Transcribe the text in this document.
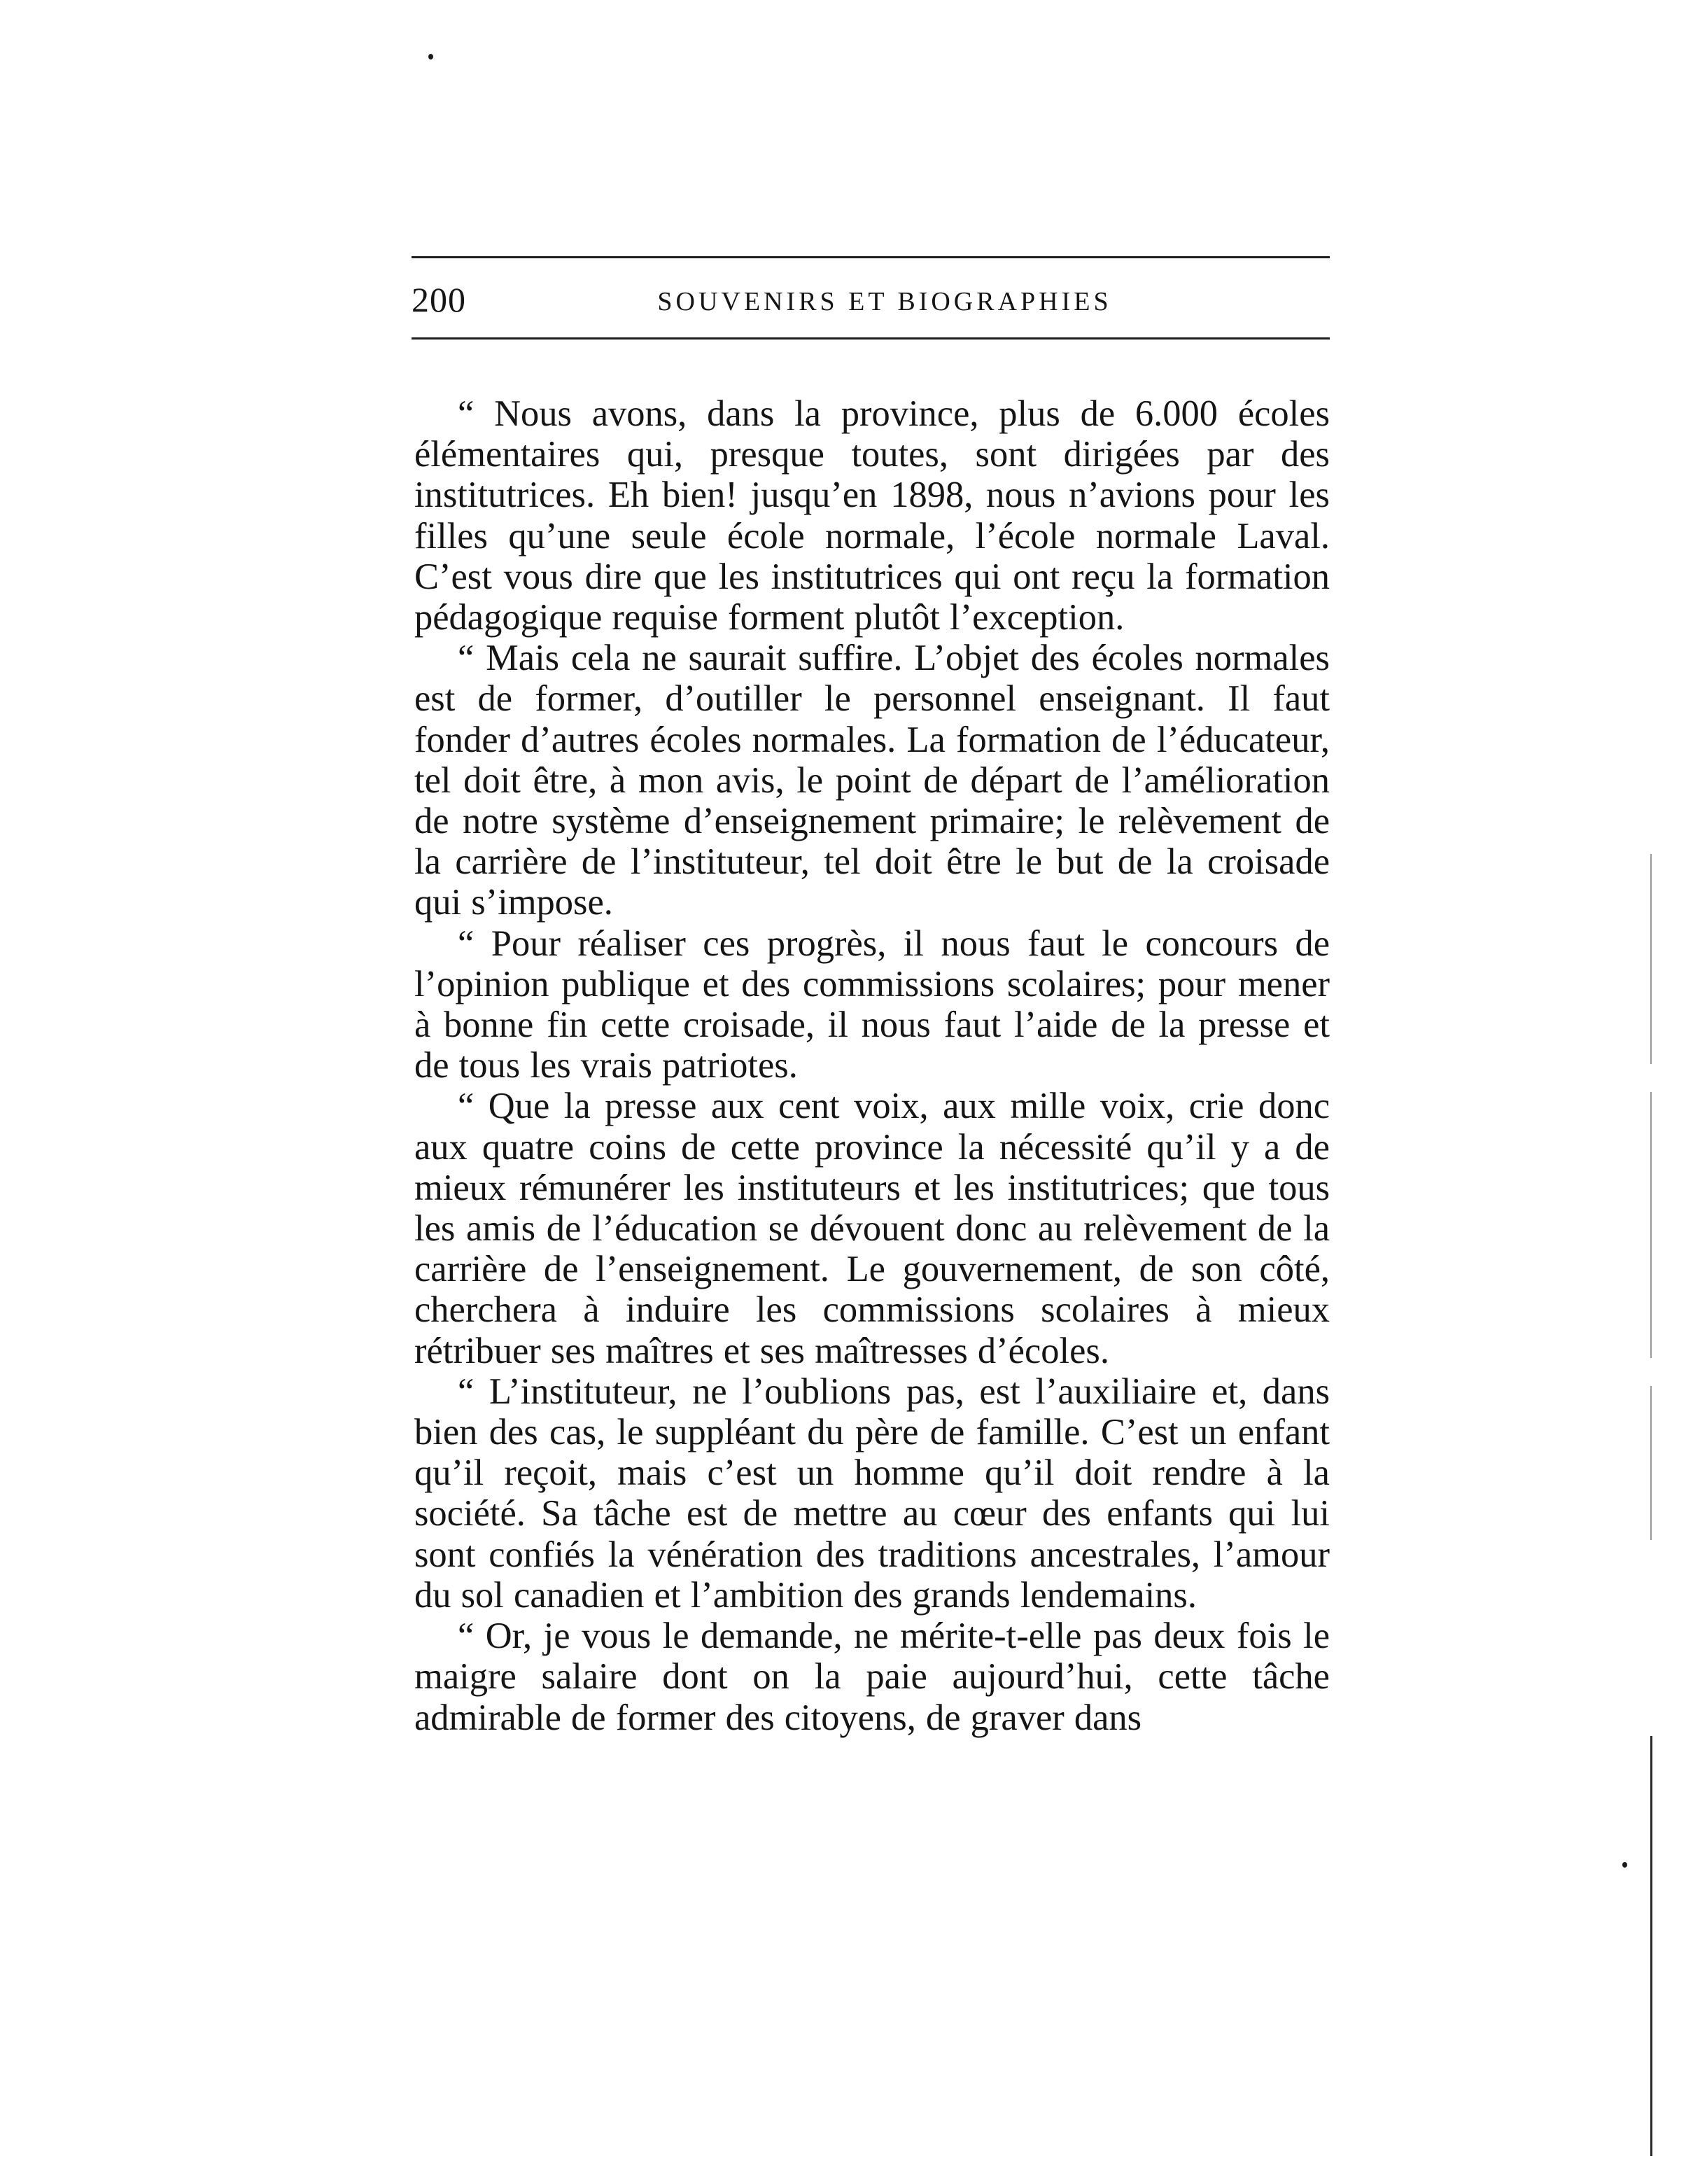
200	SOUVENIRS ET BIOGRAPHIES

“ Nous avons, dans la province, plus de 6.000 écoles élémentaires qui, presque toutes, sont dirigées par des institutrices. Eh bien! jusqu’en 1898, nous n’avions pour les filles qu’une seule école normale, l’école normale Laval. C’est vous dire que les institutrices qui ont reçu la formation pédagogique requise forment plutôt l’exception.

“ Mais cela ne saurait suffire. L’objet des écoles normales est de former, d’outiller le personnel enseignant. Il faut fonder d’autres écoles normales. La formation de l’éducateur, tel doit être, à mon avis, le point de départ de l’amélioration de notre système d’enseignement primaire; le relèvement de la carrière de l’instituteur, tel doit être le but de la croisade qui s’impose.

“ Pour réaliser ces progrès, il nous faut le concours de l’opinion publique et des commissions scolaires; pour mener à bonne fin cette croisade, il nous faut l’aide de la presse et de tous les vrais patriotes.

“ Que la presse aux cent voix, aux mille voix, crie donc aux quatre coins de cette province la nécessité qu’il y a de mieux rémunérer les instituteurs et les institutrices; que tous les amis de l’éducation se dévouent donc au relèvement de la carrière de l’enseignement. Le gouvernement, de son côté, cherchera à induire les commissions scolaires à mieux rétribuer ses maîtres et ses maîtresses d’écoles.

“ L’instituteur, ne l’oublions pas, est l’auxiliaire et, dans bien des cas, le suppléant du père de famille. C’est un enfant qu’il reçoit, mais c’est un homme qu’il doit rendre à la société. Sa tâche est de mettre au cœur des enfants qui lui sont confiés la vénération des traditions ancestrales, l’amour du sol canadien et l’ambition des grands lendemains.

“ Or, je vous le demande, ne mérite-t-elle pas deux fois le maigre salaire dont on la paie aujourd’hui, cette tâche admirable de former des citoyens, de graver dans
